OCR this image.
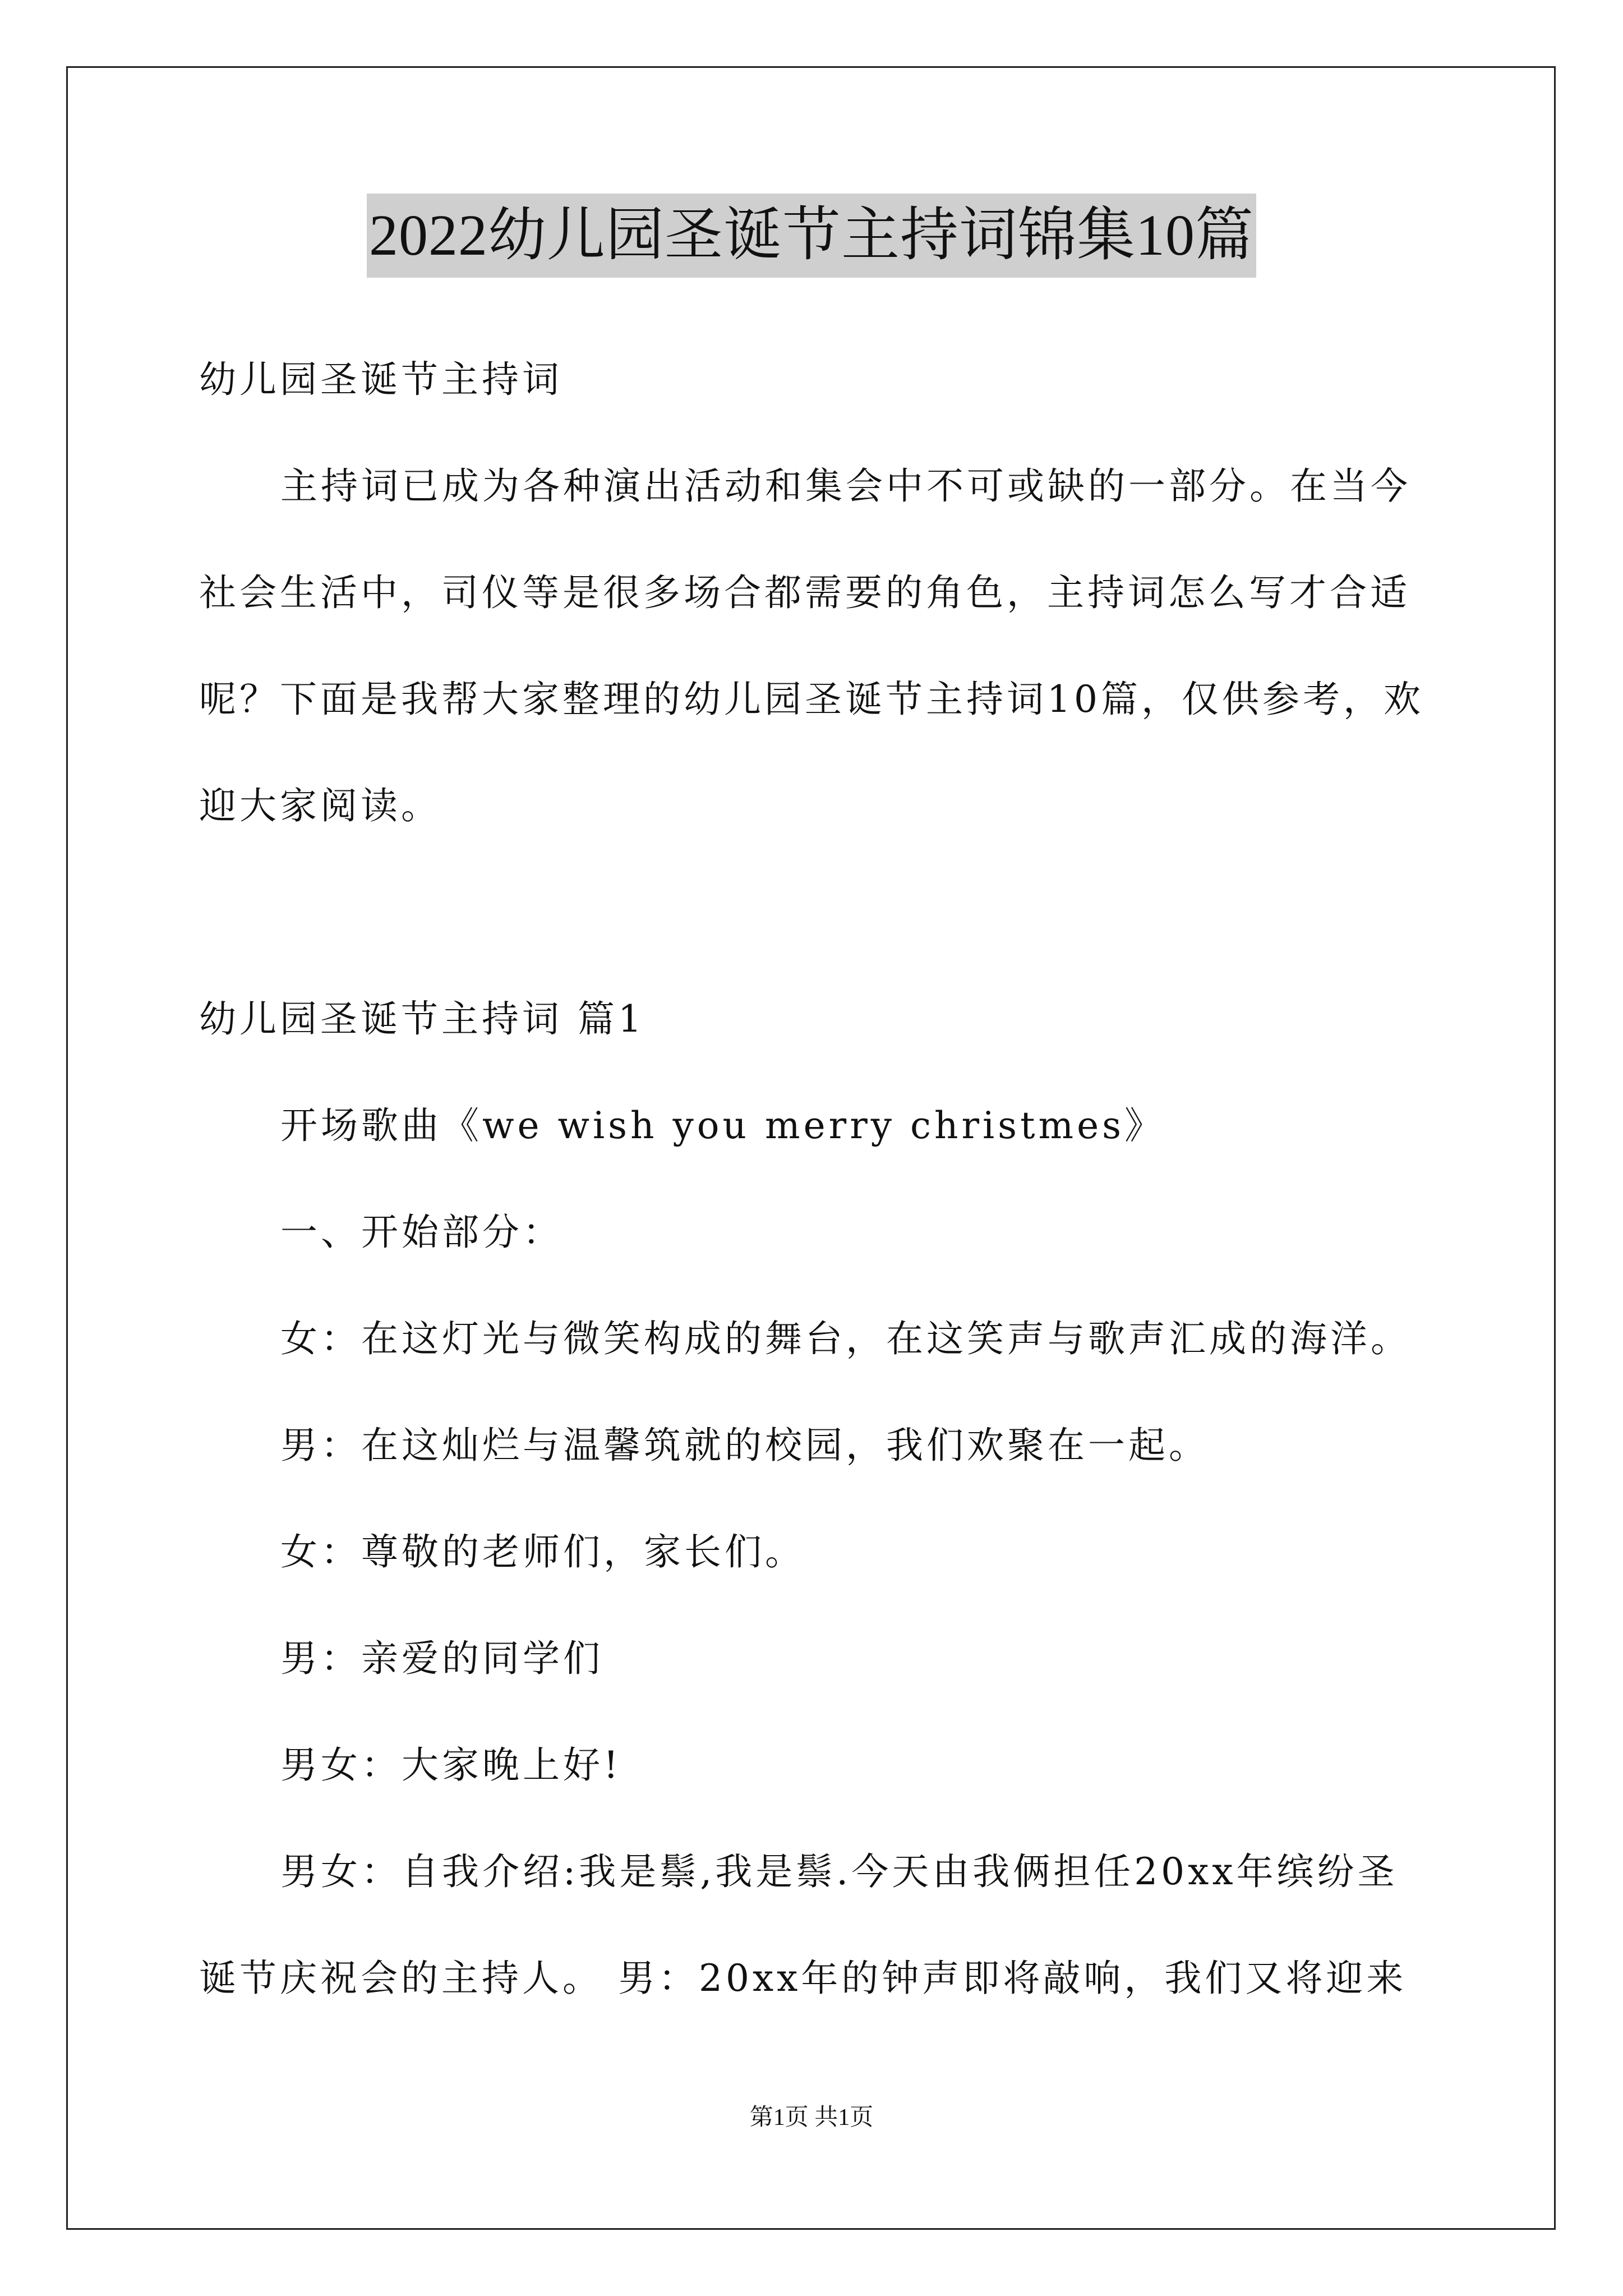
2022幼儿园圣诞节主持词锦集10篇
幼儿园圣诞节主持词
主持词已成为各种演出活动和集会中不可或缺的一部分。在当今
社会生活中，司仪等是很多场合都需要的角色，主持词怎么写才合适
呢？下面是我帮大家整理的幼儿园圣诞节主持词10篇，仅供参考，欢
迎大家阅读。
幼儿园圣诞节主持词 篇1
开场歌曲《we wish you merry christmes》
一、开始部分：
女：在这灯光与微笑构成的舞台，在这笑声与歌声汇成的海洋。
男：在这灿烂与温馨筑就的校园，我们欢聚在一起。
女：尊敬的老师们，家长们。
男：亲爱的同学们
男女：大家晚上好!
男女：自我介绍:我是鬃,我是鬃.今天由我俩担任20xx年缤纷圣
诞节庆祝会的主持人。 男：20xx年的钟声即将敲响，我们又将迎来
第1页 共1页
